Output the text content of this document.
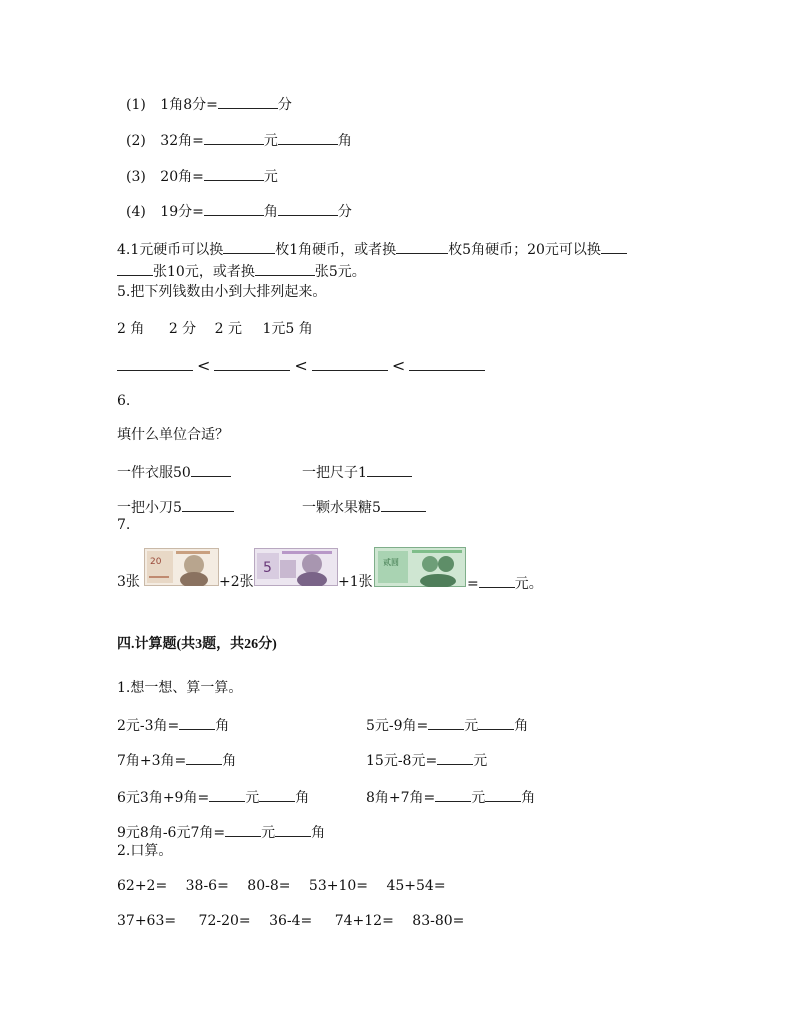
(1) 1角8分=	分
(2) 32角=	元	角
(3) 20角=	元
(4) 19分=	角	分
4.1元硬币可以换	枚1角硬币，或者换	枚5角硬币；20元可以换
张10元，或者换	张5元。
5.把下列钱数由小到大排列起来。
2 角 2 分 2 元 1元5 角
<	<	<
6.
填什么单位合适？
一件衣服50	一把尺子1
一把小刀5	一颗水果糖5
7.
3张
20
+2张
5
+1张
贰圆
=	元。
四.计算题(共3题，共26分)
1.想一想、算一算。
2元-3角=	角	5元-9角=	元	角
7角+3角=	角	15元-8元=	元
6元3角+9角=	元	角	8角+7角=	元	角
9元8角-6元7角=	元	角
2.口算。
62+2= 38-6= 80-8= 53+10= 45+54=
37+63= 72-20= 36-4= 74+12= 83-80=
